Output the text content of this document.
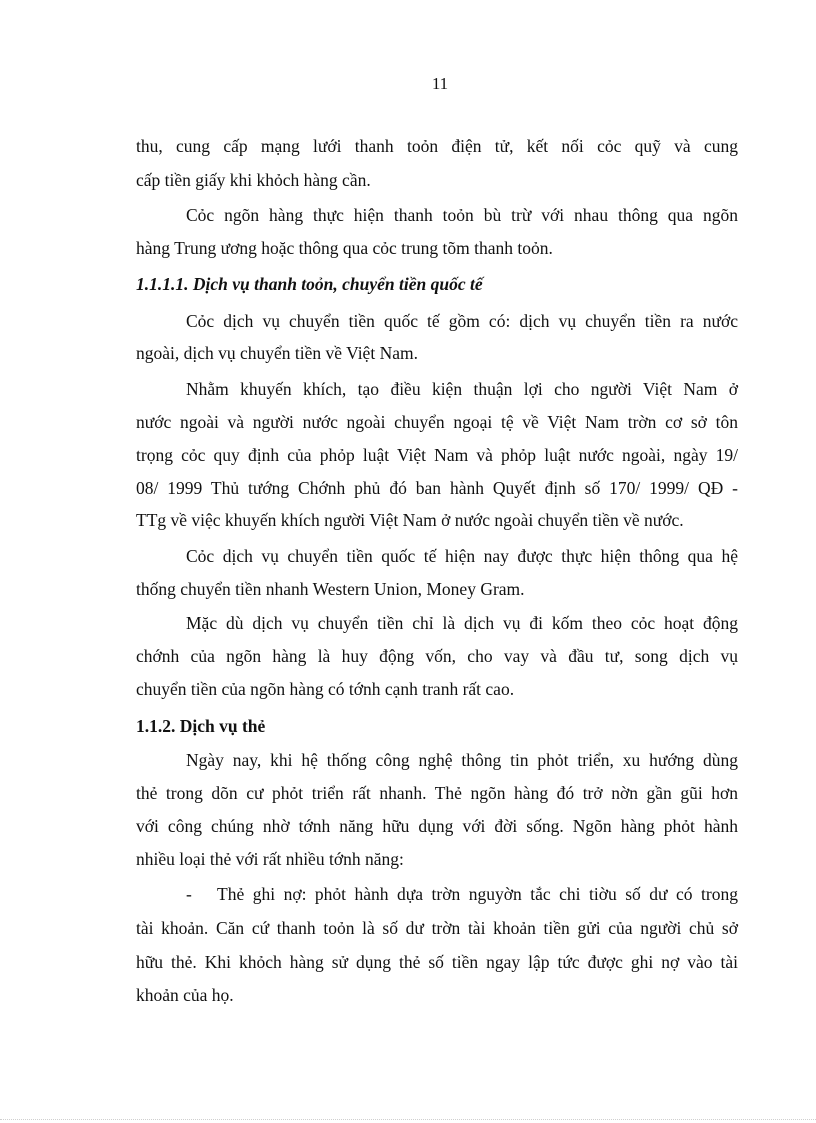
11
thu, cung cấp mạng lưới thanh toỏn điện tử, kết nối cỏc quỹ và cung
cấp tiền giấy khi khỏch hàng cần.
Cỏc ngõn hàng thực hiện thanh toỏn bù trừ với nhau thông qua ngõn
hàng Trung ương hoặc thông qua cỏc trung tõm thanh toỏn.
1.1.1.1. Dịch vụ thanh toỏn, chuyển tiền quốc tế
Cỏc dịch vụ chuyển tiền quốc tế gồm có: dịch vụ chuyển tiền ra nước
ngoài, dịch vụ chuyển tiền về Việt Nam.
Nhằm khuyến khích, tạo điều kiện thuận lợi cho người Việt Nam ở
nước ngoài và người nước ngoài chuyển ngoại tệ về Việt Nam trờn cơ sở tôn
trọng cỏc quy định của phỏp luật Việt Nam và phỏp luật nước ngoài, ngày 19/
08/ 1999 Thủ tướng Chớnh phủ đó ban hành Quyết định số 170/ 1999/ QĐ -
TTg về việc khuyến khích người Việt Nam ở nước ngoài chuyển tiền về nước.
Cỏc dịch vụ chuyển tiền quốc tế hiện nay được thực hiện thông qua hệ
thống chuyển tiền nhanh Western Union, Money Gram.
Mặc dù dịch vụ chuyển tiền chỉ là dịch vụ đi kốm theo cỏc hoạt động
chớnh của ngõn hàng là huy động vốn, cho vay và đầu tư, song dịch vụ
chuyển tiền của ngõn hàng có tớnh cạnh tranh rất cao.
1.1.2. Dịch vụ thẻ
Ngày nay, khi hệ thống công nghệ thông tin phỏt triển, xu hướng dùng
thẻ trong dõn cư phỏt triển rất nhanh. Thẻ ngõn hàng đó trở nờn gần gũi hơn
với công chúng nhờ tớnh năng hữu dụng với đời sống. Ngõn hàng phỏt hành
nhiều loại thẻ với rất nhiều tớnh năng:
-   Thẻ ghi nợ: phỏt hành dựa trờn nguyờn tắc chi tiờu số dư có trong
tài khoản. Căn cứ thanh toỏn là số dư trờn tài khoản tiền gửi của người chủ sở
hữu thẻ. Khi khỏch hàng sử dụng thẻ số tiền ngay lập tức được ghi nợ vào tài
khoản của họ.
